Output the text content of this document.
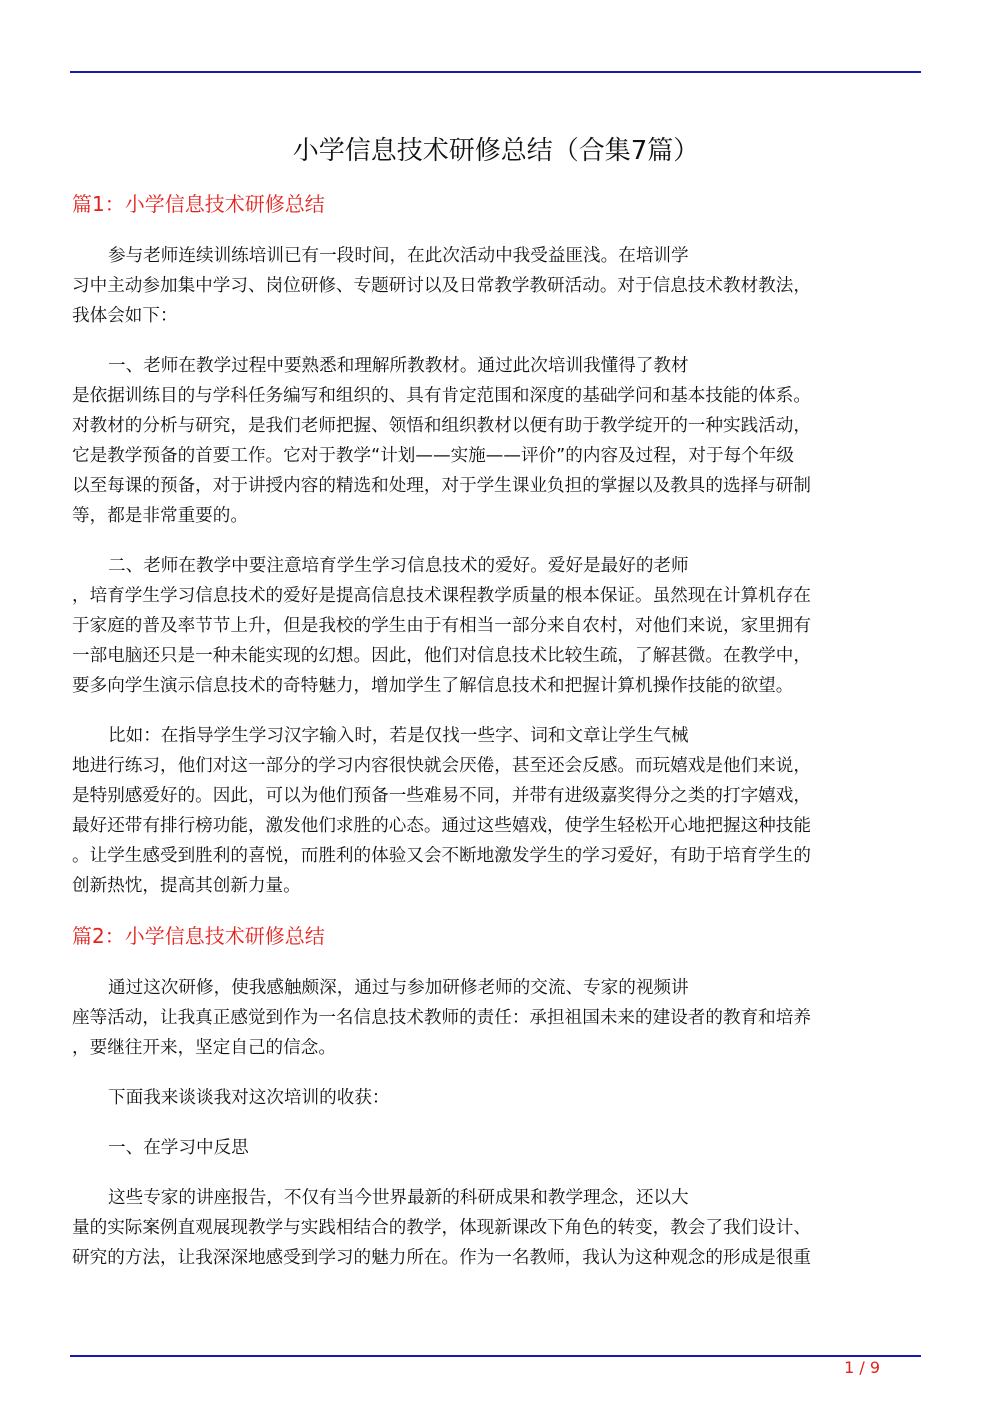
小学信息技术研修总结（合集7篇）
篇1：小学信息技术研修总结
参与老师连续训练培训已有一段时间，在此次活动中我受益匪浅。在培训学
习中主动参加集中学习、岗位研修、专题研讨以及日常教学教研活动。对于信息技术教材教法，
我体会如下：
一、老师在教学过程中要熟悉和理解所教教材。通过此次培训我懂得了教材
是依据训练目的与学科任务编写和组织的、具有肯定范围和深度的基础学问和基本技能的体系。
对教材的分析与研究，是我们老师把握、领悟和组织教材以便有助于教学绽开的一种实践活动，
它是教学预备的首要工作。它对于教学“计划——实施——评价”的内容及过程，对于每个年级
以至每课的预备，对于讲授内容的精选和处理，对于学生课业负担的掌握以及教具的选择与研制
等，都是非常重要的。
二、老师在教学中要注意培育学生学习信息技术的爱好。爱好是最好的老师
，培育学生学习信息技术的爱好是提高信息技术课程教学质量的根本保证。虽然现在计算机存在
于家庭的普及率节节上升，但是我校的学生由于有相当一部分来自农村，对他们来说，家里拥有
一部电脑还只是一种未能实现的幻想。因此，他们对信息技术比较生疏，了解甚微。在教学中，
要多向学生演示信息技术的奇特魅力，增加学生了解信息技术和把握计算机操作技能的欲望。
比如：在指导学生学习汉字输入时，若是仅找一些字、词和文章让学生气械
地进行练习，他们对这一部分的学习内容很快就会厌倦，甚至还会反感。而玩嬉戏是他们来说，
是特别感爱好的。因此，可以为他们预备一些难易不同，并带有进级嘉奖得分之类的打字嬉戏，
最好还带有排行榜功能，激发他们求胜的心态。通过这些嬉戏，使学生轻松开心地把握这种技能
。让学生感受到胜利的喜悦，而胜利的体验又会不断地激发学生的学习爱好，有助于培育学生的
创新热忱，提高其创新力量。
篇2：小学信息技术研修总结
通过这次研修，使我感触颇深，通过与参加研修老师的交流、专家的视频讲
座等活动，让我真正感觉到作为一名信息技术教师的责任：承担祖国未来的建设者的教育和培养
，要继往开来，坚定自己的信念。
下面我来谈谈我对这次培训的收获：
一、在学习中反思
这些专家的讲座报告，不仅有当今世界最新的科研成果和教学理念，还以大
量的实际案例直观展现教学与实践相结合的教学，体现新课改下角色的转变，教会了我们设计、
研究的方法，让我深深地感受到学习的魅力所在。作为一名教师，我认为这种观念的形成是很重
1 / 9
